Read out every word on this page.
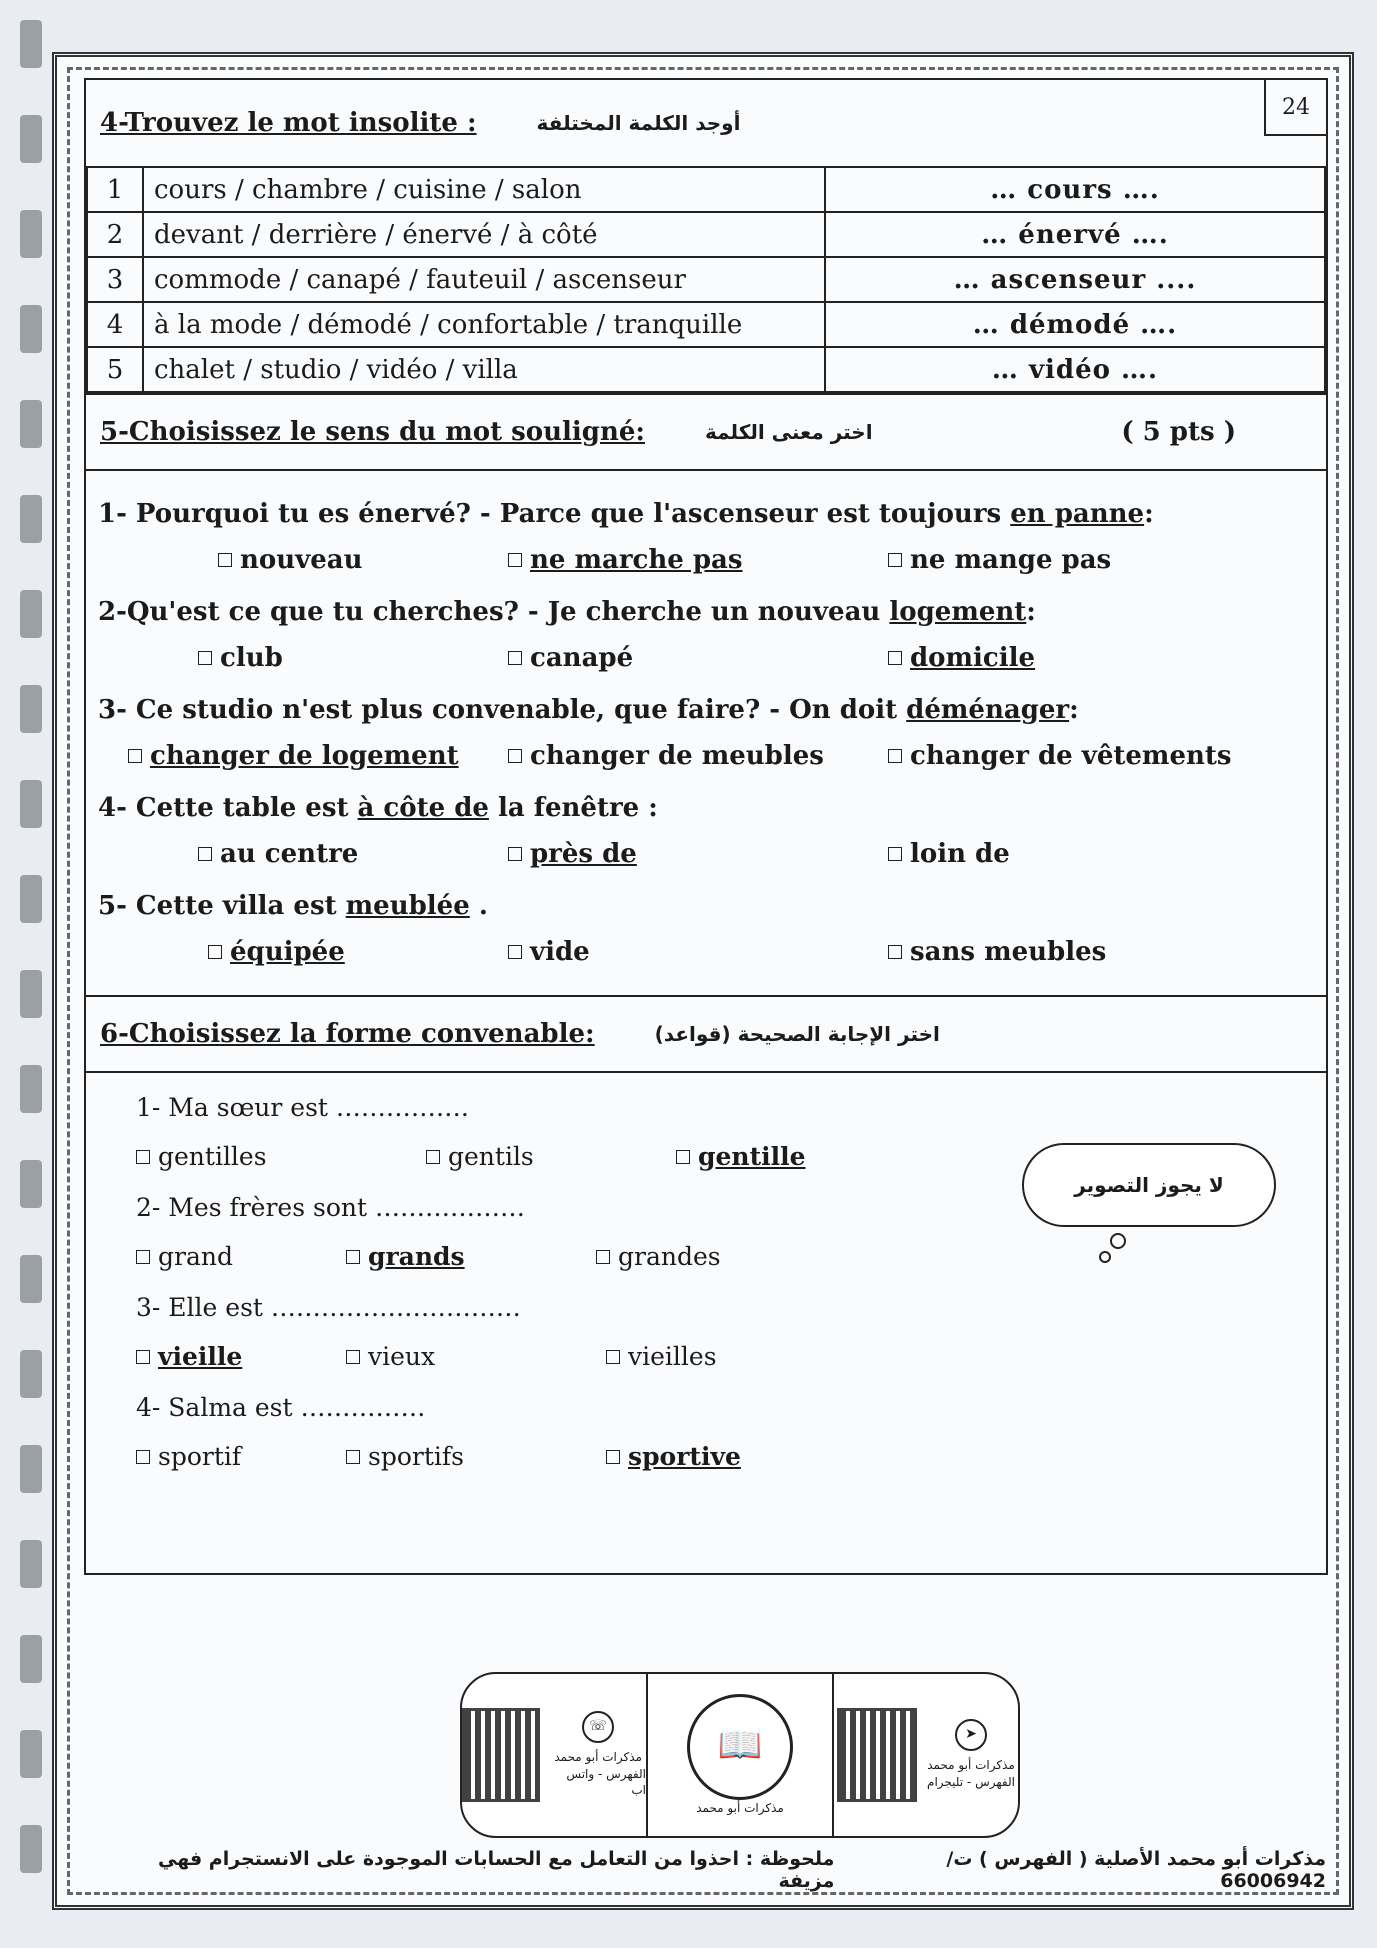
24
4-Trouvez le mot insolite :	أوجد الكلمة المختلفة
1	cours / chambre / cuisine / salon	… cours ….
2	devant / derrière / énervé / à côté	… énervé ….
3	commode / canapé / fauteuil / ascenseur	… ascenseur ....
4	à la mode / démodé / confortable / tranquille	… démodé ….
5	chalet / studio / vidéo / villa	… vidéo ….
5-Choisissez le sens du mot souligné:	اختر معنى الكلمة	( 5 pts )
1- Pourquoi tu es énervé? - Parce que l'ascenseur est toujours en panne:
nouveau	ne marche pas	ne mange pas
2-Qu'est ce que tu cherches? - Je cherche un nouveau logement:
club	canapé	domicile
3- Ce studio n'est plus convenable, que faire? - On doit déménager:
changer de logement	changer de meubles	changer de vêtements
4- Cette table est à côte de la fenêtre :
au centre	près de	loin de
5- Cette villa est meublée .
équipée	vide	sans meubles
6-Choisissez la forme convenable:	اختر الإجابة الصحيحة (قواعد)
لا يجوز التصوير
1- Ma sœur est …………….
gentilles	gentils	gentille
2- Mes frères sont ………………
grand	grands	grandes
3- Elle est …………………………
vieille	vieux	vieilles
4- Salma est ……………
sportif	sportifs	sportive
☏
مذكرات أبو محمد
الفهرس - واتس اب
📖
مذكرات أبو محمد
➤
مذكرات أبو محمد
الفهرس - تليجرام
مذكرات أبو محمد الأصلية ( الفهرس ) ت/ 66006942
ملحوظة : احذوا من التعامل مع الحسابات الموجودة على الانستجرام فهي مزيفة
